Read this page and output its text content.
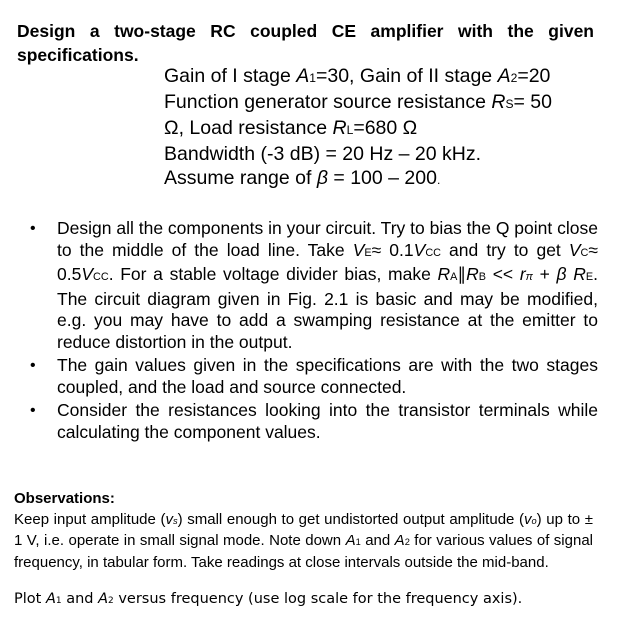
Design a two-stage RC coupled CE amplifier with the given specifications.
Gain of I stage A1=30, Gain of II stage A2=20
Function generator source resistance RS= 50
Ω, Load resistance RL=680 Ω
Bandwidth (-3 dB) = 20 Hz – 20 kHz.
Assume range of β = 100 – 200.
• Design all the components in your circuit. Try to bias the Q point close to the middle of the load line. Take VE≈ 0.1VCC and try to get VC≈ 0.5VCC. For a stable voltage divider bias, make RA∥RB << rπ + β RE. The circuit diagram given in Fig. 2.1 is basic and may be modified, e.g. you may have to add a swamping resistance at the emitter to reduce distortion in the output.
• The gain values given in the specifications are with the two stages coupled, and the load and source connected.
• Consider the resistances looking into the transistor terminals while calculating the component values.
Observations:
Keep input amplitude (vs) small enough to get undistorted output amplitude (vo) up to ± 1 V, i.e. operate in small signal mode. Note down A1 and A2 for various values of signal frequency, in tabular form. Take readings at close intervals outside the mid-band.
Plot A1 and A2 versus frequency (use log scale for the frequency axis).
